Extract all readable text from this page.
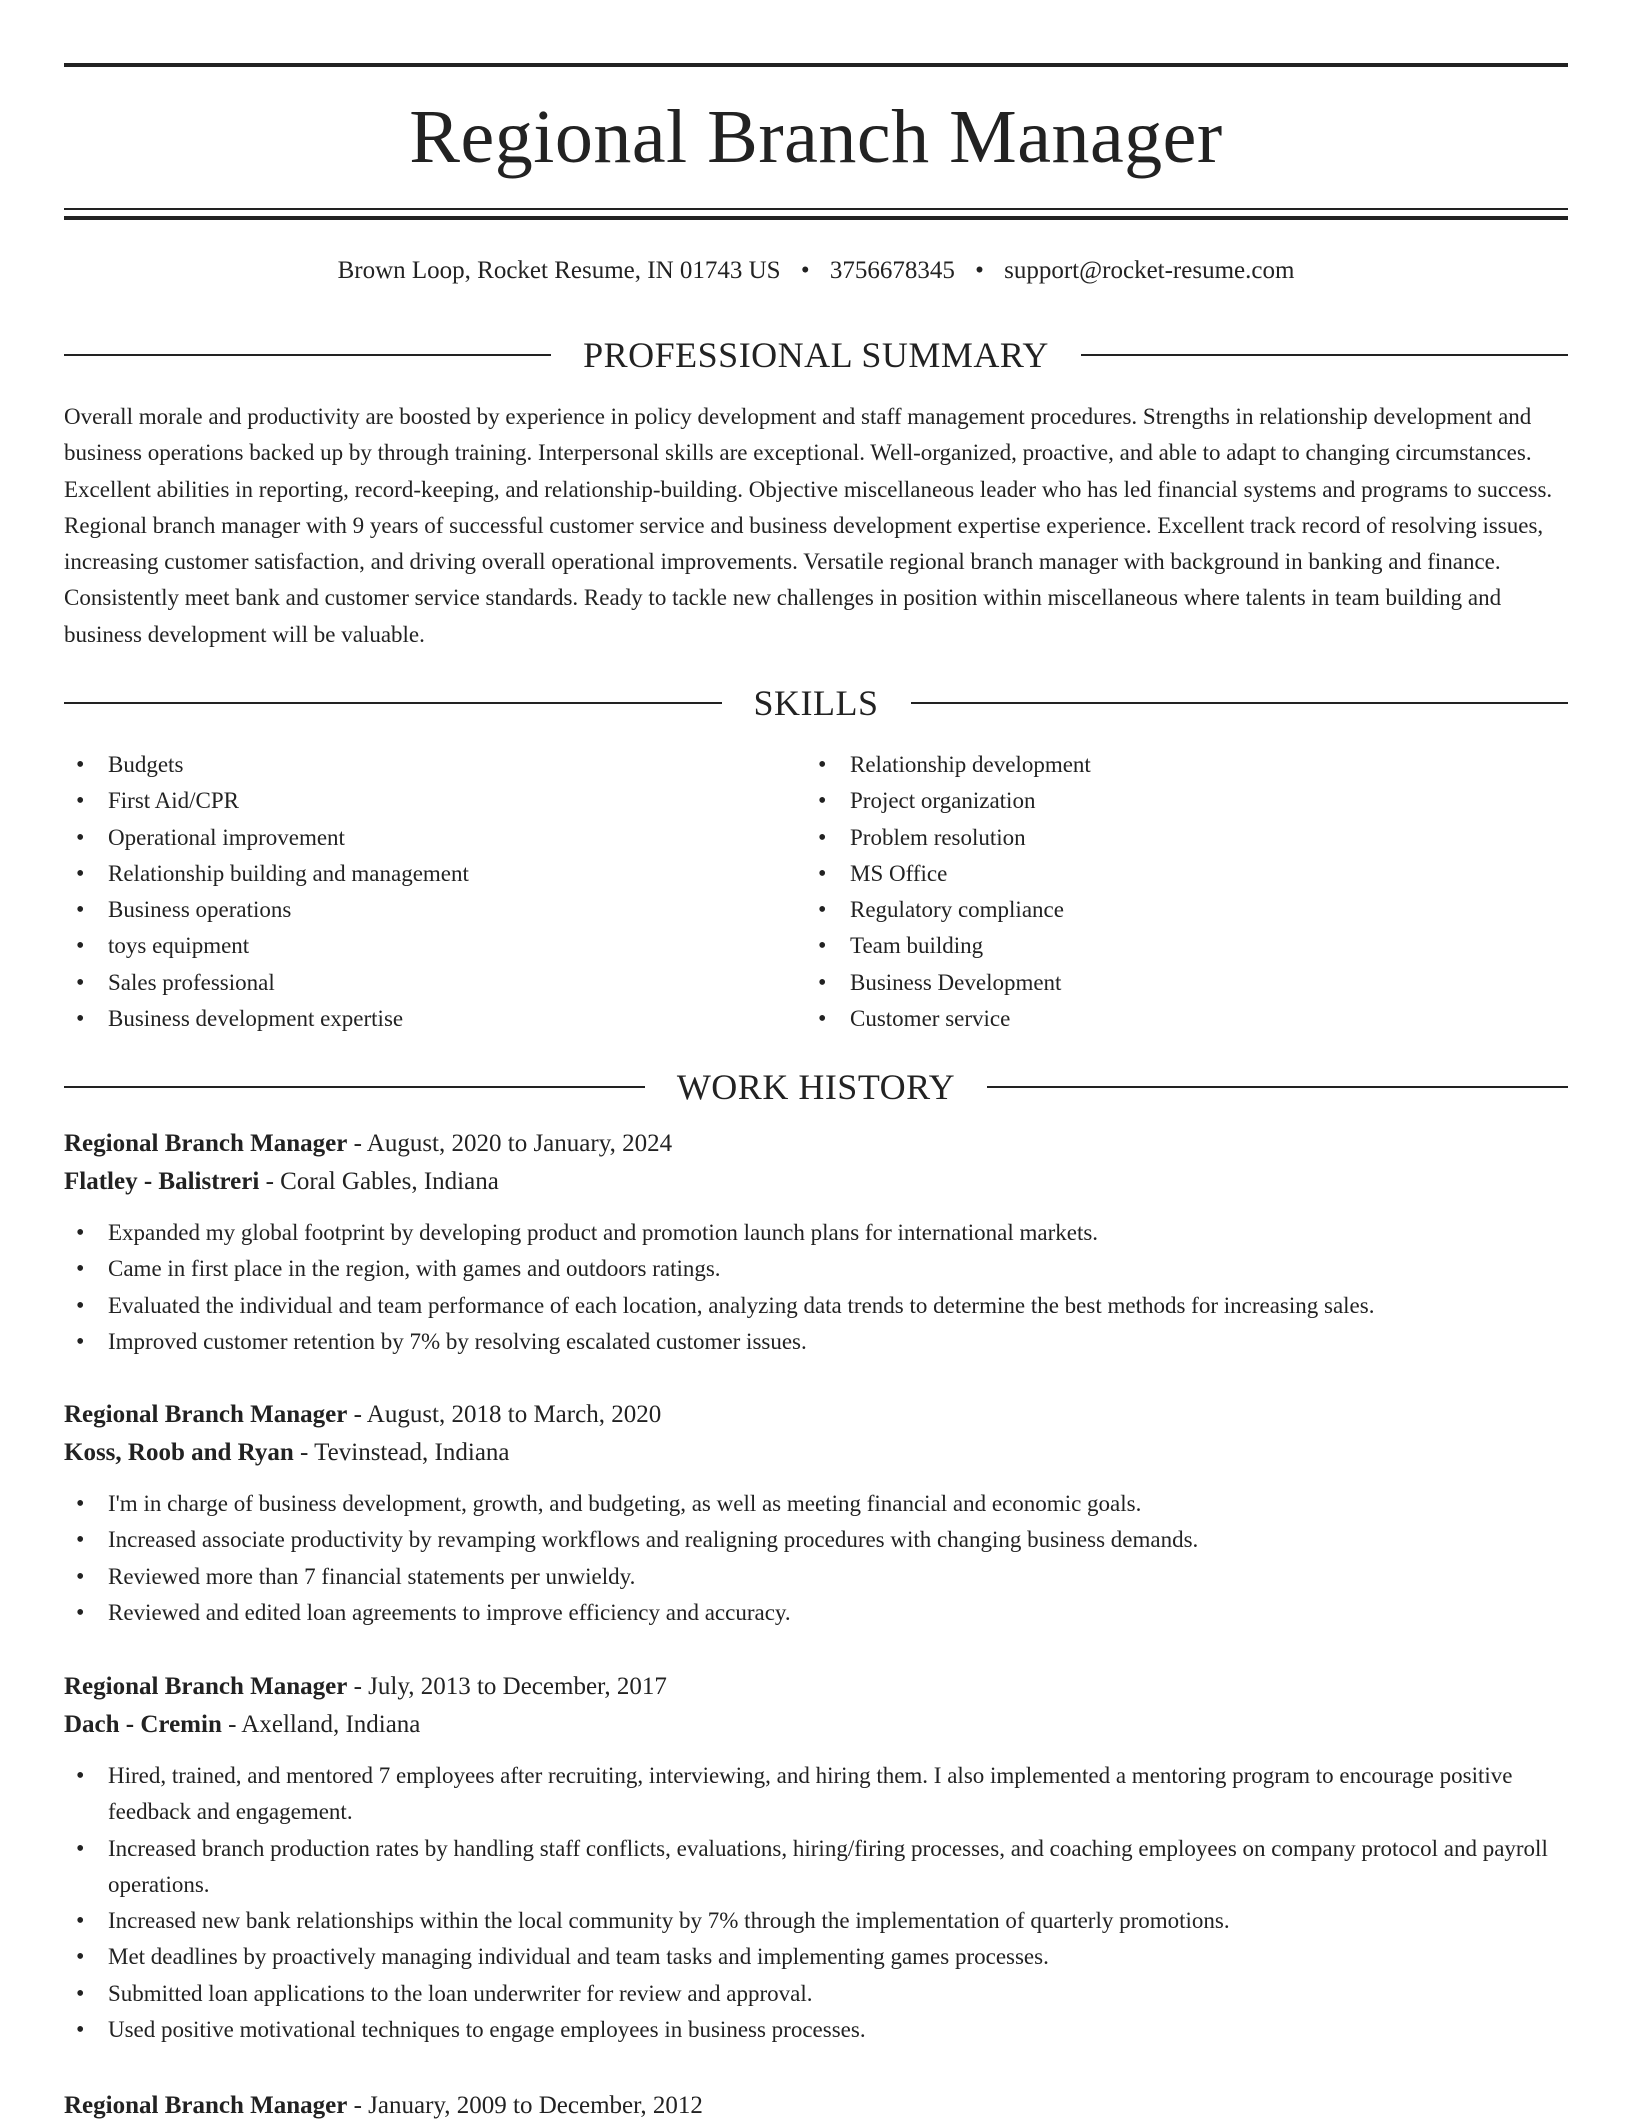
Regional Branch Manager
Brown Loop, Rocket Resume, IN 01743 US • 3756678345 • support@rocket-resume.com
PROFESSIONAL SUMMARY

Overall morale and productivity are boosted by experience in policy development and staff management procedures. Strengths in relationship development and business operations backed up by through training. Interpersonal skills are exceptional. Well-organized, proactive, and able to adapt to changing circumstances. Excellent abilities in reporting, record-keeping, and relationship-building. Objective miscellaneous leader who has led financial systems and programs to success. Regional branch manager with 9 years of successful customer service and business development expertise experience. Excellent track record of resolving issues, increasing customer satisfaction, and driving overall operational improvements. Versatile regional branch manager with background in banking and finance. Consistently meet bank and customer service standards. Ready to tackle new challenges in position within miscellaneous where talents in team building and business development will be valuable.

SKILLS
• Budgets
• First Aid/CPR
• Operational improvement
• Relationship building and management
• Business operations
• toys equipment
• Sales professional
• Business development expertise
• Relationship development
• Project organization
• Problem resolution
• MS Office
• Regulatory compliance
• Team building
• Business Development
• Customer service
WORK HISTORY
Regional Branch Manager - August, 2020 to January, 2024
Flatley - Balistreri - Coral Gables, Indiana
• Expanded my global footprint by developing product and promotion launch plans for international markets.
• Came in first place in the region, with games and outdoors ratings.
• Evaluated the individual and team performance of each location, analyzing data trends to determine the best methods for increasing sales.
• Improved customer retention by 7% by resolving escalated customer issues.
Regional Branch Manager - August, 2018 to March, 2020
Koss, Roob and Ryan - Tevinstead, Indiana
• I'm in charge of business development, growth, and budgeting, as well as meeting financial and economic goals.
• Increased associate productivity by revamping workflows and realigning procedures with changing business demands.
• Reviewed more than 7 financial statements per unwieldy.
• Reviewed and edited loan agreements to improve efficiency and accuracy.
Regional Branch Manager - July, 2013 to December, 2017
Dach - Cremin - Axelland, Indiana
• Hired, trained, and mentored 7 employees after recruiting, interviewing, and hiring them. I also implemented a mentoring program to encourage positive feedback and engagement.
• Increased branch production rates by handling staff conflicts, evaluations, hiring/firing processes, and coaching employees on company protocol and payroll operations.
• Increased new bank relationships within the local community by 7% through the implementation of quarterly promotions.
• Met deadlines by proactively managing individual and team tasks and implementing games processes.
• Submitted loan applications to the loan underwriter for review and approval.
• Used positive motivational techniques to engage employees in business processes.
Regional Branch Manager - January, 2009 to December, 2012
